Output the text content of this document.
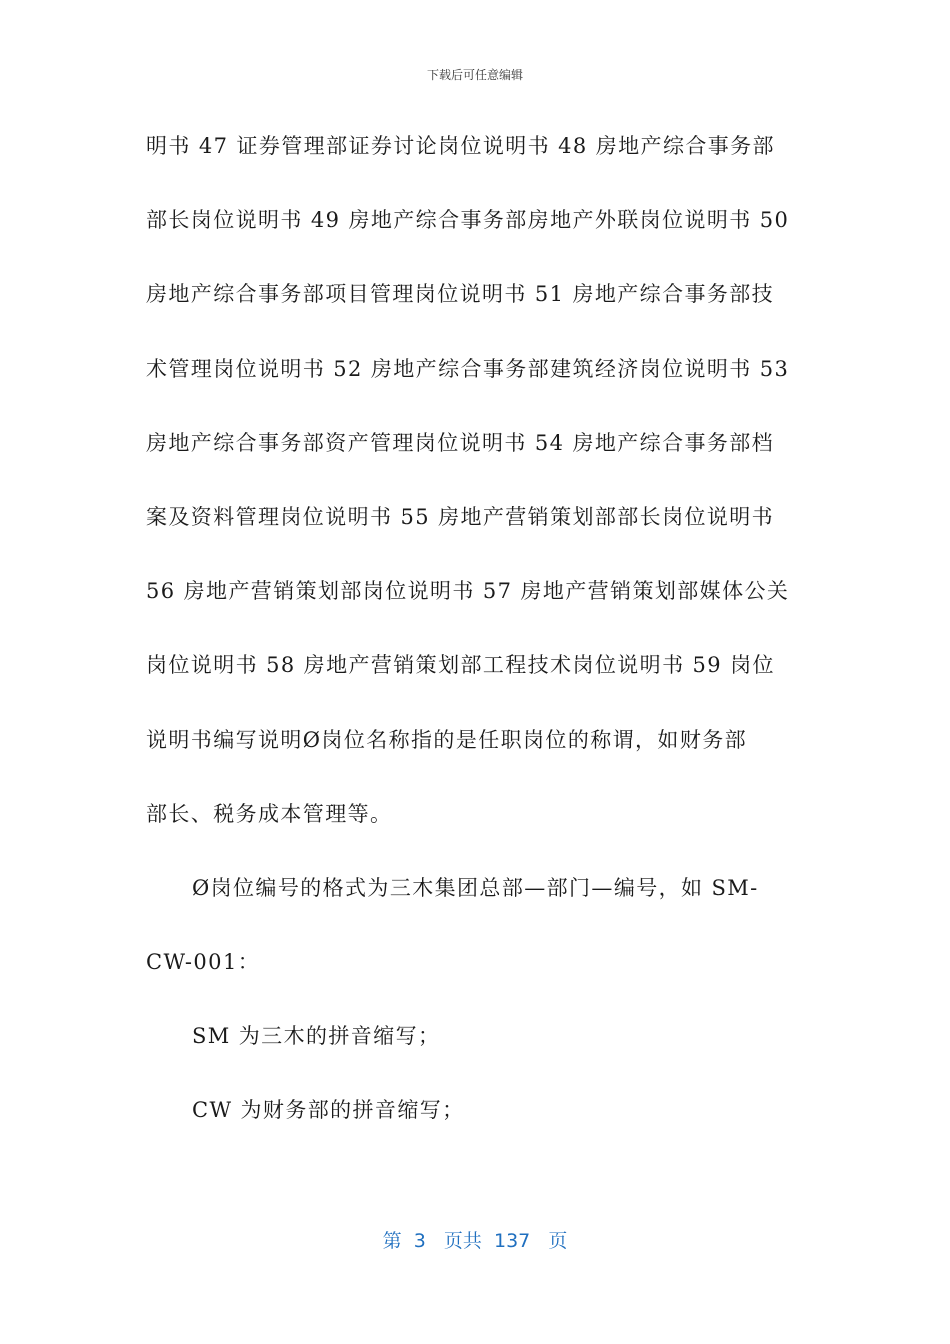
下载后可任意编辑
明书 47 证券管理部证券讨论岗位说明书 48 房地产综合事务部
部长岗位说明书 49 房地产综合事务部房地产外联岗位说明书 50
房地产综合事务部项目管理岗位说明书 51 房地产综合事务部技
术管理岗位说明书 52 房地产综合事务部建筑经济岗位说明书 53
房地产综合事务部资产管理岗位说明书 54 房地产综合事务部档
案及资料管理岗位说明书 55 房地产营销策划部部长岗位说明书
56 房地产营销策划部岗位说明书 57 房地产营销策划部媒体公关
岗位说明书 58 房地产营销策划部工程技术岗位说明书 59 岗位
说明书编写说明Ø岗位名称指的是任职岗位的称谓，如财务部
部长、税务成本管理等。
Ø岗位编号的格式为三木集团总部—部门—编号，如 SM-
CW-001：
SM 为三木的拼音缩写；
CW 为财务部的拼音缩写；
第  3   页共  137   页
